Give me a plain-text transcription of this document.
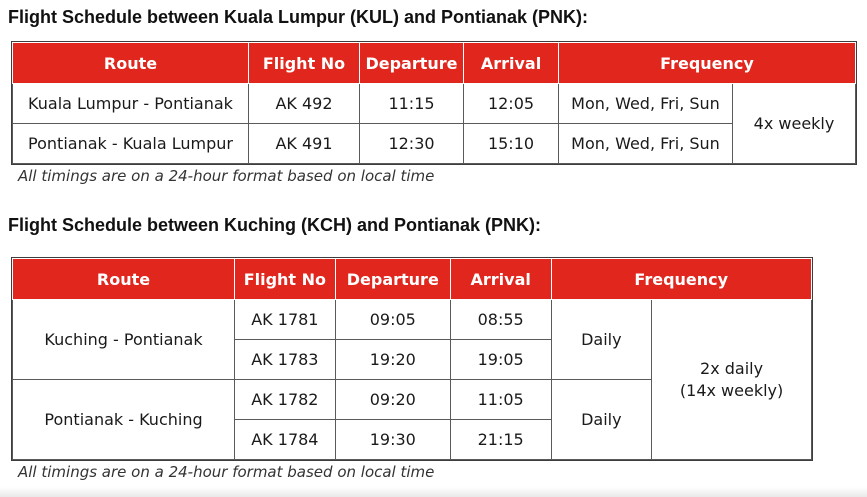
Flight Schedule between Kuala Lumpur (KUL) and Pontianak (PNK):
Route	Flight No	Departure	Arrival	Frequency	
Kuala Lumpur - Pontianak	AK 492	11:15	12:05	Mon, Wed, Fri, Sun	4x weekly
Pontianak - Kuala Lumpur	AK 491	12:30	15:10	Mon, Wed, Fri, Sun	
All timings are on a 24-hour format based on local time
Flight Schedule between Kuching (KCH) and Pontianak (PNK):
Route	Flight No	Departure	Arrival	Frequency	
Kuching - Pontianak	AK 1781	09:05	08:55	Daily	2x daily
(14x weekly)

	AK 1783	19:20	19:05		
Pontianak - Kuching	AK 1782	09:20	11:05	Daily	
	AK 1784	19:30	21:15		
All timings are on a 24-hour format based on local time
